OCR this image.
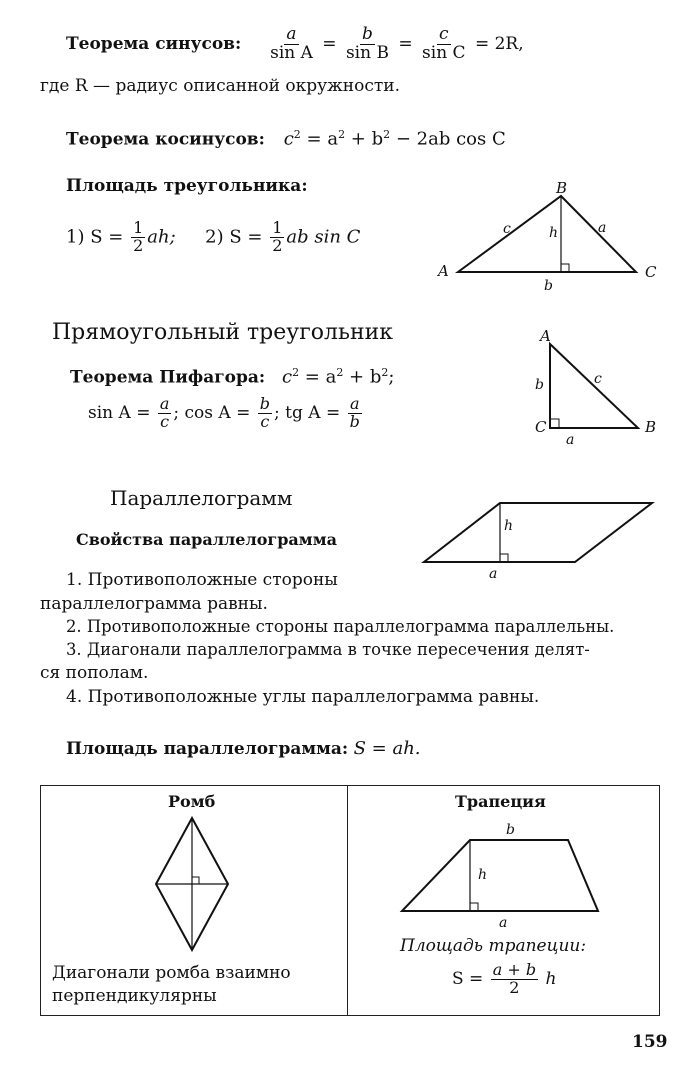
Теорема синусов: $\frac{a}{\text{sin A}} = \frac{b}{\text{sin B}} = \frac{c}{\text{sin C}} = 2R$,
где R — радиус описанной окружности.
Теорема косинусов: $c^2 = a^2 + b^2 - 2ab$ cos C
Площадь треугольника:
1) $S = \frac{1}{2}$ ah; 2) $S = \frac{1}{2}$ ab sin C
B
A	C
c	h	a
b
Прямоугольный треугольник
Теорема Пифагора: $c^2 = a^2 + b^2$;
$\sin A = \frac{a}{c}$ ; $\cos A = \frac{b}{c}$ ; tg $A = \frac{a}{b}$
A
B
C
b	c
a
Параллелограмм
Свойства параллелограмма
1. Противоположные стороны
параллелограмма равны.
2. Противоположные стороны параллелограмма параллельны.
3. Диагонали параллелограмма в точке пересечения делят-
ся пополам.
4. Противоположные углы параллелограмма равны.
Площадь параллелограмма: S = ah.
h
a
Ромб
Диагонали ромба взаимно
перпендикулярны
Трапеция
b
h
a
Площадь трапеции:
$S = \frac{a + b}{2}$ h
159
